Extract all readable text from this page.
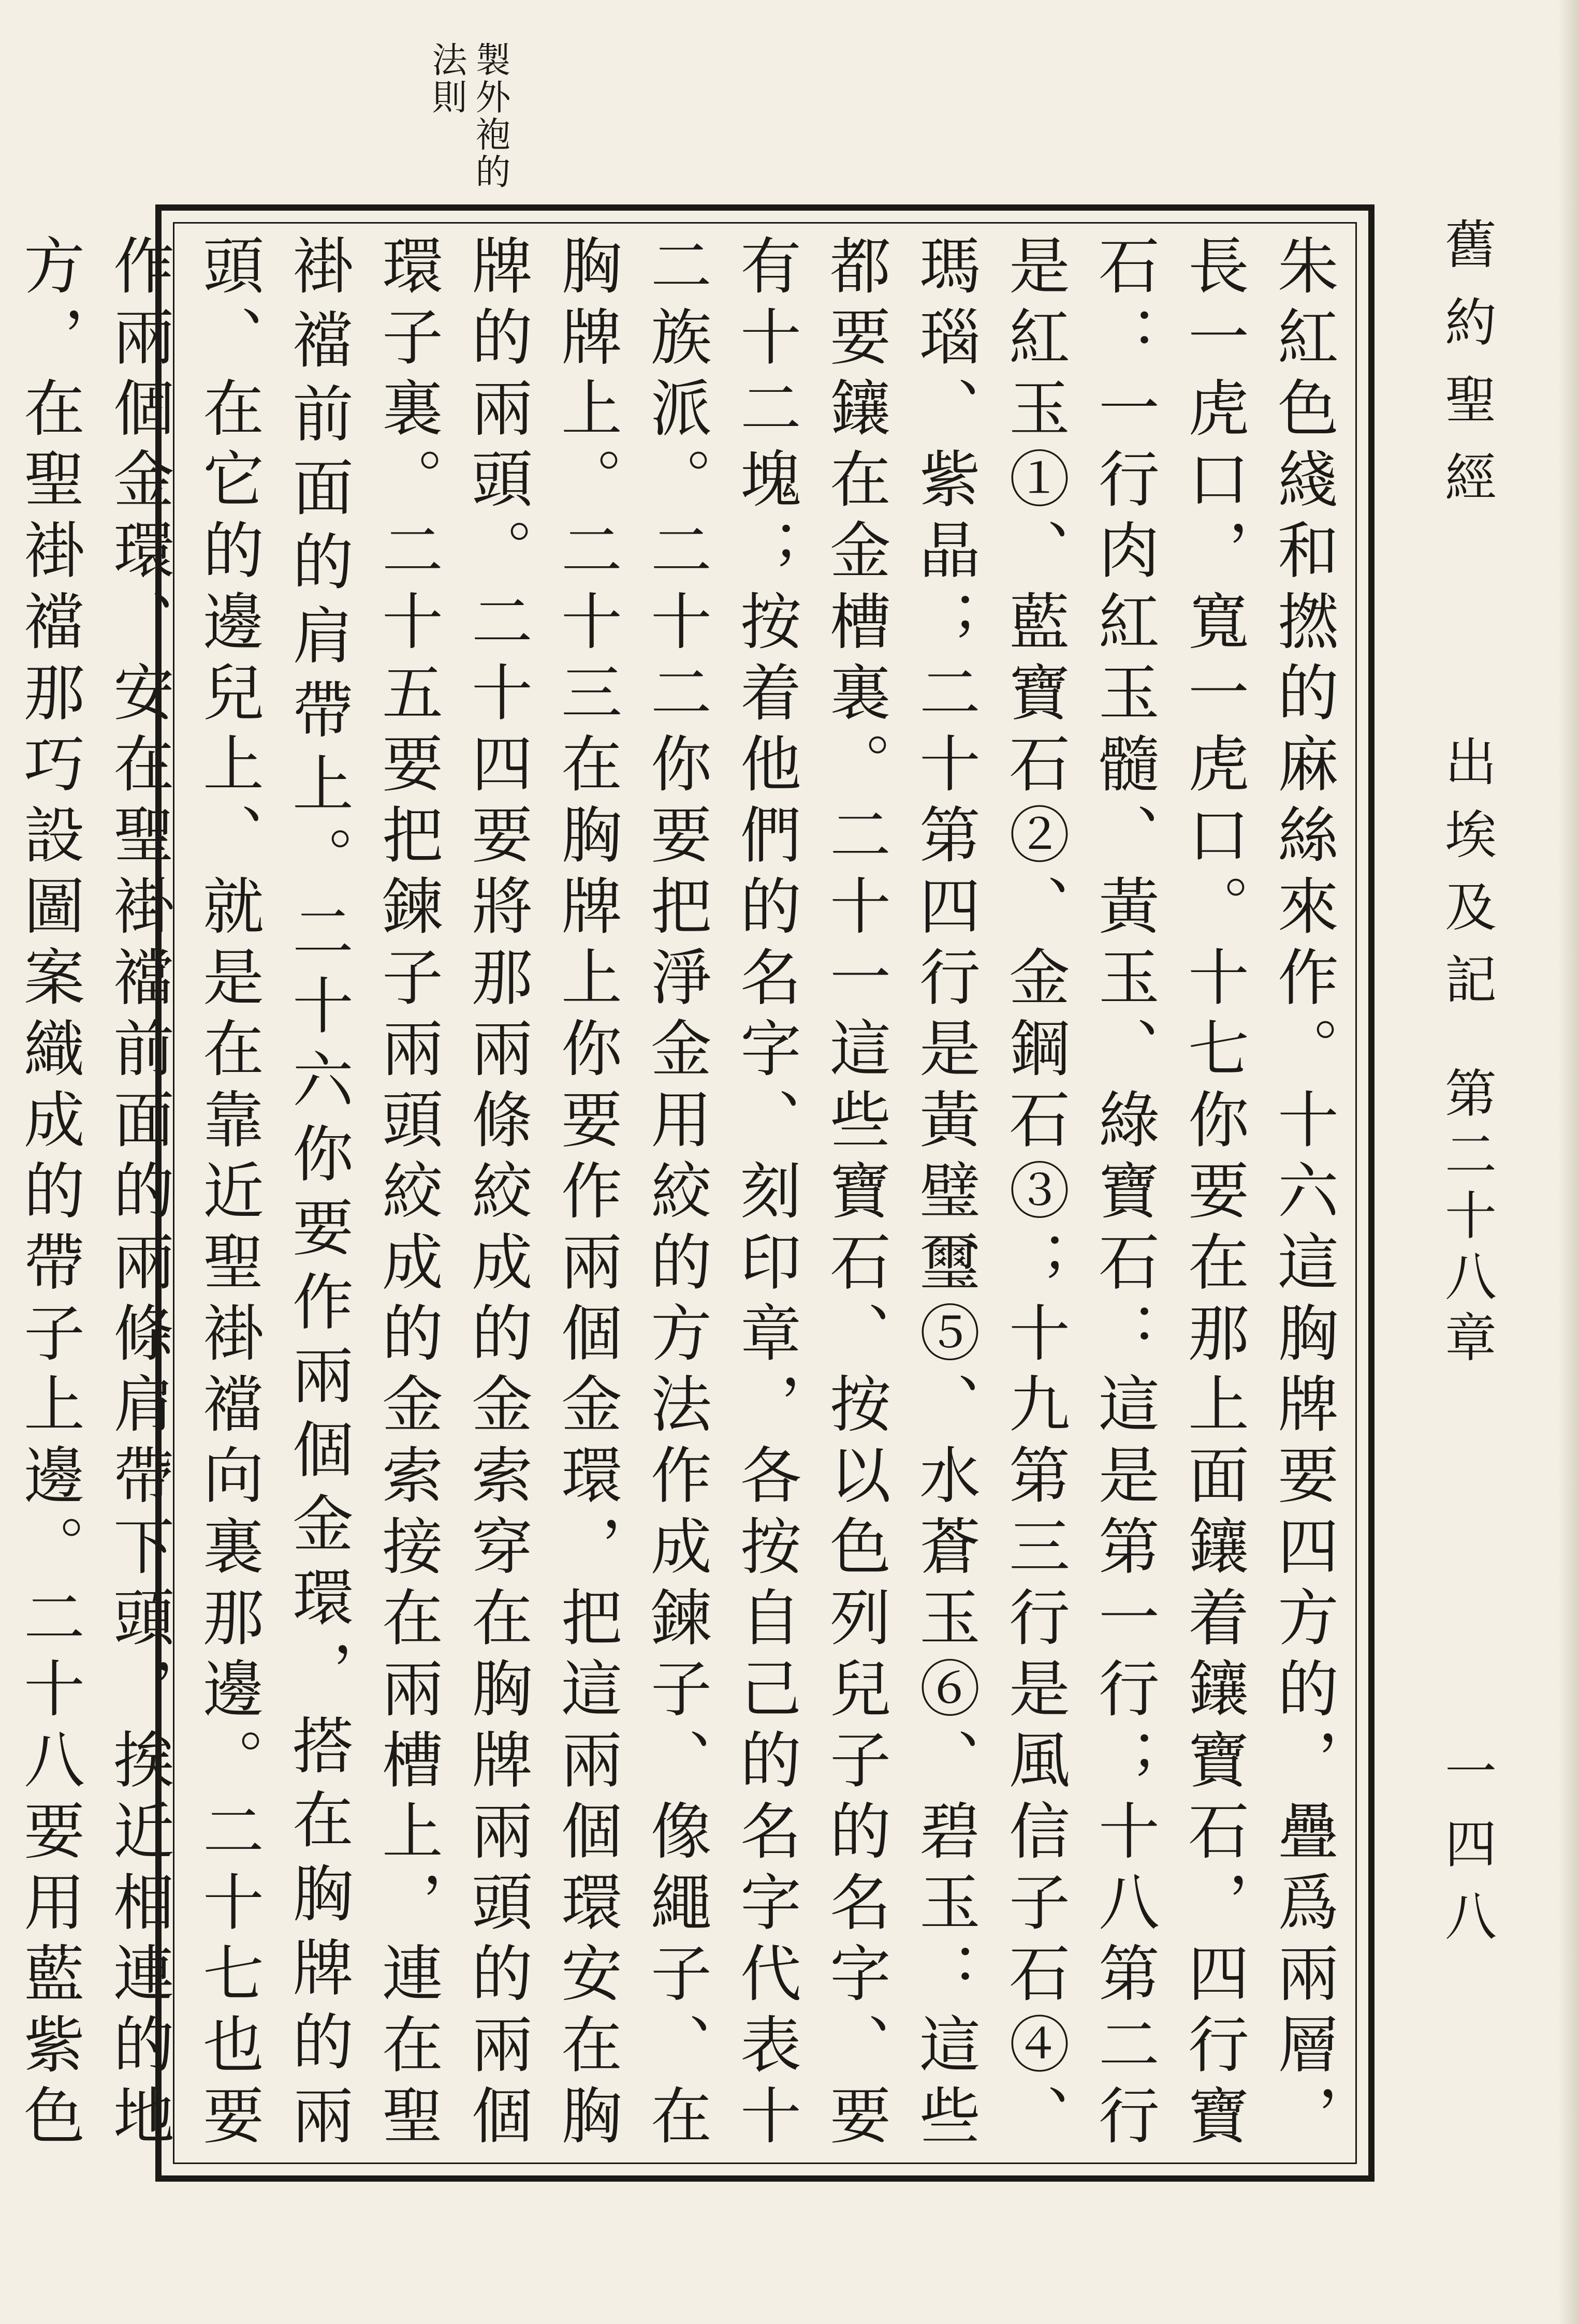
舊約聖經
出埃及記
第二十八章
一四八
製外袍的
法則
朱紅色綫和撚的麻絲來作。十六這胸牌要四方的，疊爲兩層，長一虎口，寬一虎口。十七你要在那上面鑲着鑲寶石，四行寶石：一行肉紅玉髓、黃玉、綠寶石：這是第一行；十八第二行是紅玉①、藍寶石②、金鋼石③；十九第三行是風信子石④、瑪瑙、紫晶；二十第四行是黃璧璽⑤、水蒼玉⑥、碧玉：這些都要鑲在金槽裏。二十一這些寶石、按以色列兒子的名字、要有十二塊；按着他們的名字、刻印章，各按自己的名字代表十二族派。二十二你要把淨金用絞的方法作成鍊子、像繩子、在胸牌上。二十三在胸牌上你要作兩個金環，把這兩個環安在胸牌的兩頭。二十四要將那兩條絞成的金索穿在胸牌兩頭的兩個環子裏。二十五要把鍊子兩頭絞成的金索接在兩槽上，連在聖褂襠前面的肩帶上。二十六你要作兩個金環，搭在胸牌的兩頭、在它的邊兒上、就是在靠近聖褂襠向裏那邊。二十七也要作兩個金環、安在聖褂襠前面的兩條肩帶下頭，挨近相連的地方，在聖褂襠那巧設圖案織成的帶子上邊。二十八要用藍紫色
